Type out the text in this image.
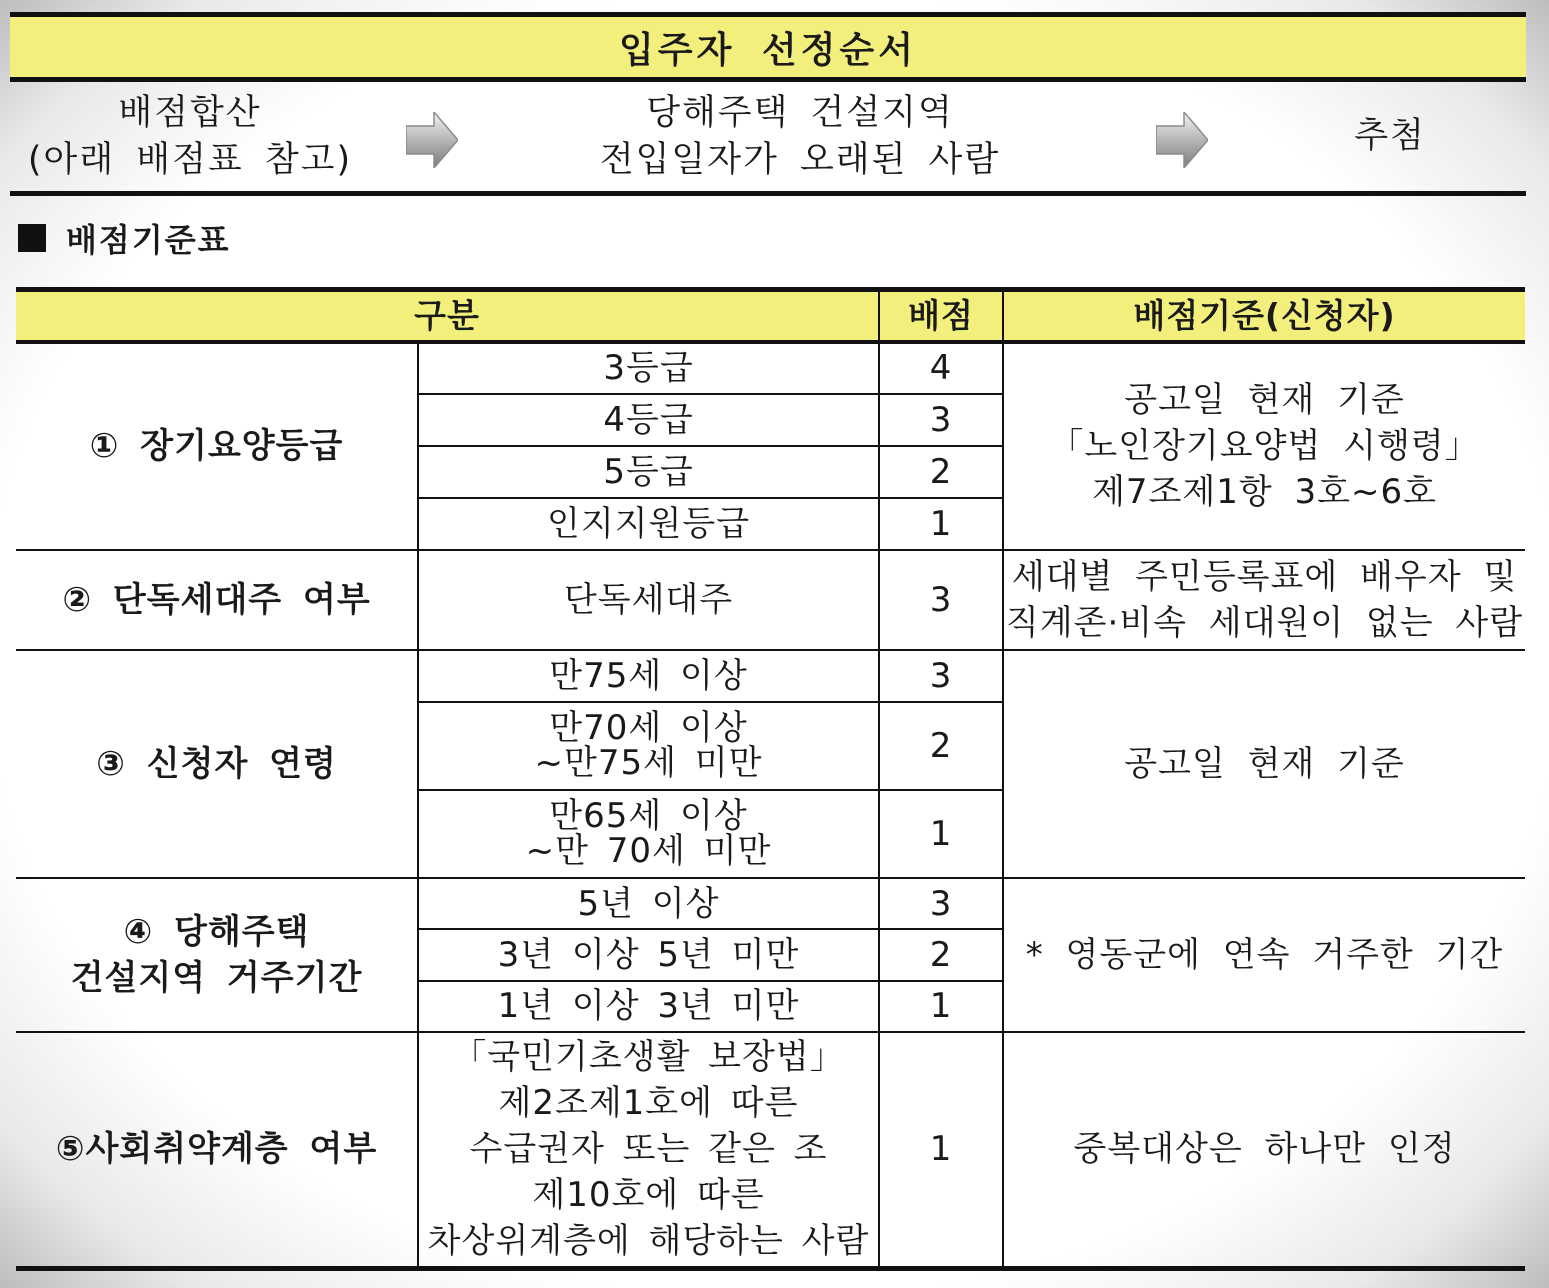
입주자 선정순서
배점합산
(아래 배점표 참고)
당해주택 건설지역
전입일자가 오래된 사람
추첨
배점기준표
구분		배점	배점기준(신청자)
① 장기요양등급	3등급	4	공고일 현재 기준
「노인장기요양법 시행령」
제7조제1항 3호~6호

	4등급	3	
	5등급	2	
	인지지원등급	1	
② 단독세대주 여부	단독세대주	3	세대별 주민등록표에 배우자 및
직계존·비속 세대원이 없는 사람

③ 신청자 연령	만75세 이상	3	공고일 현재 기준

	만70세 이상
~만75세 미만	2	

	만65세 이상
~만 70세 미만	1	

④ 당해주택
건설지역 거주기간	5년 이상	3	* 영동군에 연속 거주한 기간
	3년 이상 5년 미만	2	
	1년 이상 3년 미만	1	
⑤사회취약계층 여부	「국민기초생활 보장법」
제2조제1호에 따른
수급권자 또는 같은 조
제10호에 따른
차상위계층에 해당하는 사람	1	중복대상은 하나만 인정
